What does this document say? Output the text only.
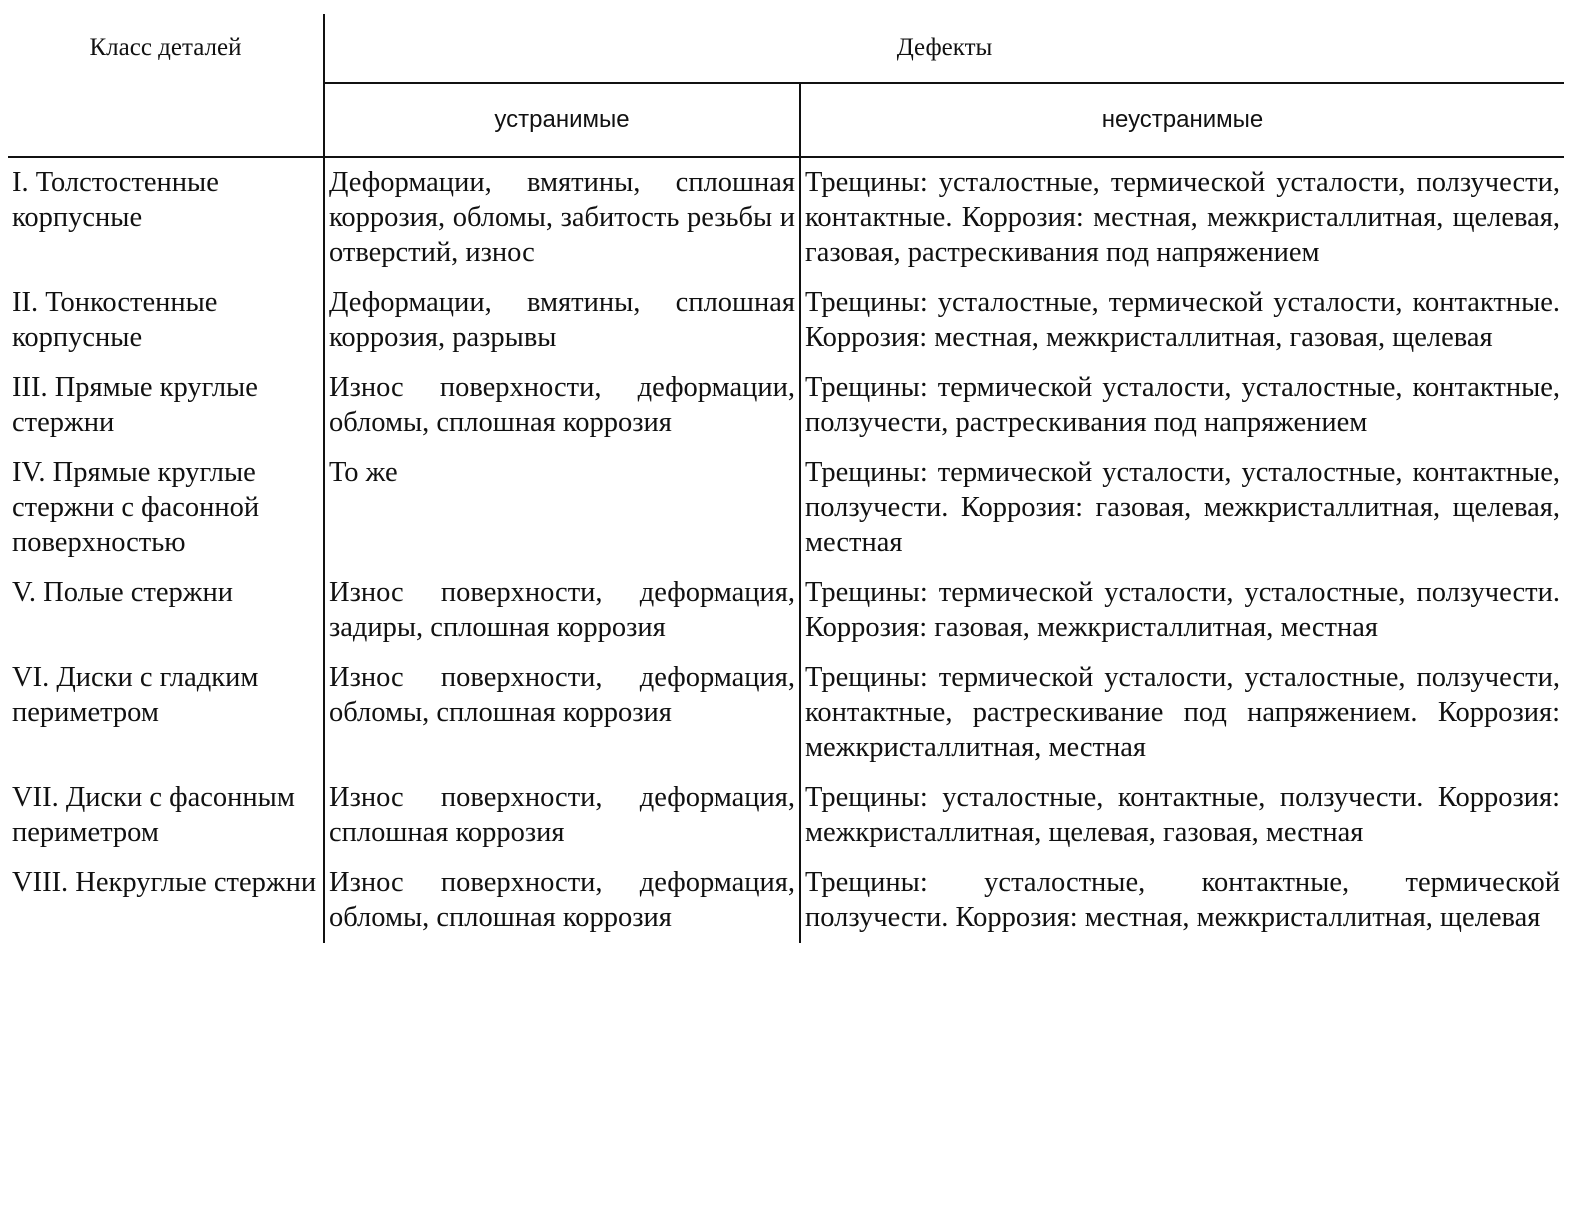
Класс деталей	Дефекты	
	устранимые	неустранимые
I. Толстостенные корпусные	Деформации, вмятины, сплошная коррозия, обломы, забитость резьбы и отверстий, износ	Трещины: усталостные, термической усталости, ползучести, контактные. Коррозия: местная, межкристаллитная, щелевая, газовая, растрескивания под напряжением
II. Тонкостенные корпусные	Деформации, вмятины, сплошная коррозия, разрывы	Трещины: усталостные, термической усталости, контактные. Коррозия: местная, межкристаллитная, газовая, щелевая
III. Прямые круглые стержни	Износ поверхности, деформации, обломы, сплошная коррозия	Трещины: термической усталости, усталостные, контактные, ползучести, растрескивания под напряжением
IV. Прямые круглые стержни с фасонной поверхностью	То же	Трещины: термической усталости, усталостные, контактные, ползучести. Коррозия: газовая, межкристаллитная, щелевая, местная
V. Полые стержни	Износ поверхности, деформация, задиры, сплошная коррозия	Трещины: термической усталости, усталостные, ползучести. Коррозия: газовая, межкристаллитная, местная
VI. Диски с гладким периметром	Износ поверхности, деформация, обломы, сплошная коррозия	Трещины: термической усталости, усталостные, ползучести, контактные, растрескивание под напряжением. Коррозия: межкристаллитная, местная
VII. Диски с фасонным периметром	Износ поверхности, деформация, сплошная коррозия	Трещины: усталостные, контактные, ползучести. Коррозия: межкристаллитная, щелевая, газовая, местная
VIII. Некруглые стержни	Износ поверхности, деформация, обломы, сплошная коррозия	Трещины: усталостные, контактные, термической ползучести. Коррозия: местная, межкристаллитная, щелевая
